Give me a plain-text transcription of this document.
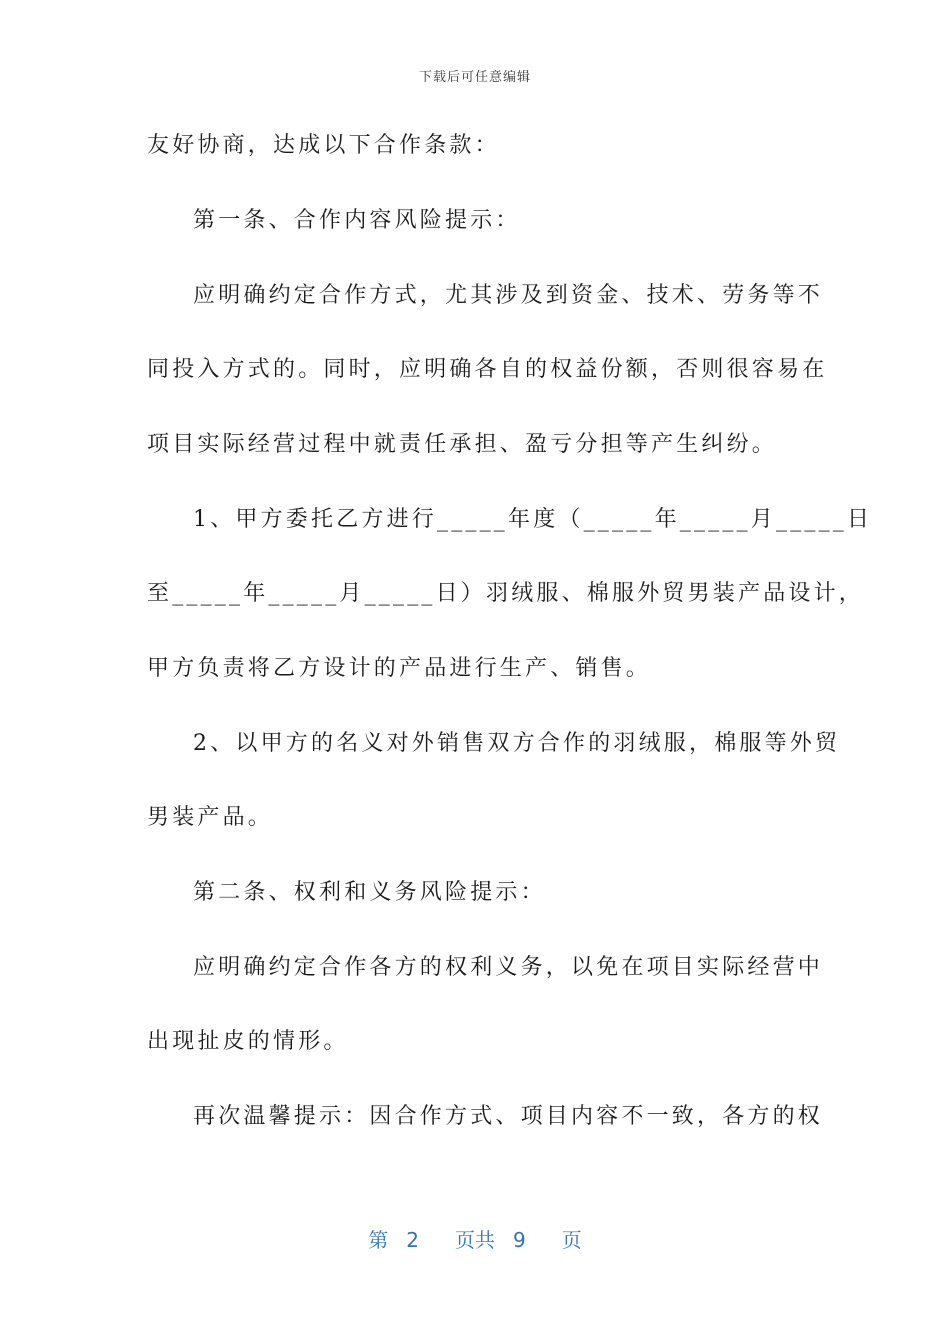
下载后可任意编辑
友好协商，达成以下合作条款：
第一条、合作内容风险提示：
应明确约定合作方式，尤其涉及到资金、技术、劳务等不
同投入方式的。同时，应明确各自的权益份额，否则很容易在
项目实际经营过程中就责任承担、盈亏分担等产生纠纷。
1、甲方委托乙方进行_____年度（_____年_____月_____日
至_____年_____月_____日）羽绒服、棉服外贸男装产品设计，
甲方负责将乙方设计的产品进行生产、销售。
2、以甲方的名义对外销售双方合作的羽绒服，棉服等外贸
男装产品。
第二条、权利和义务风险提示：
应明确约定合作各方的权利义务，以免在项目实际经营中
出现扯皮的情形。
再次温馨提示：因合作方式、项目内容不一致，各方的权
第 2 页共 9 页
